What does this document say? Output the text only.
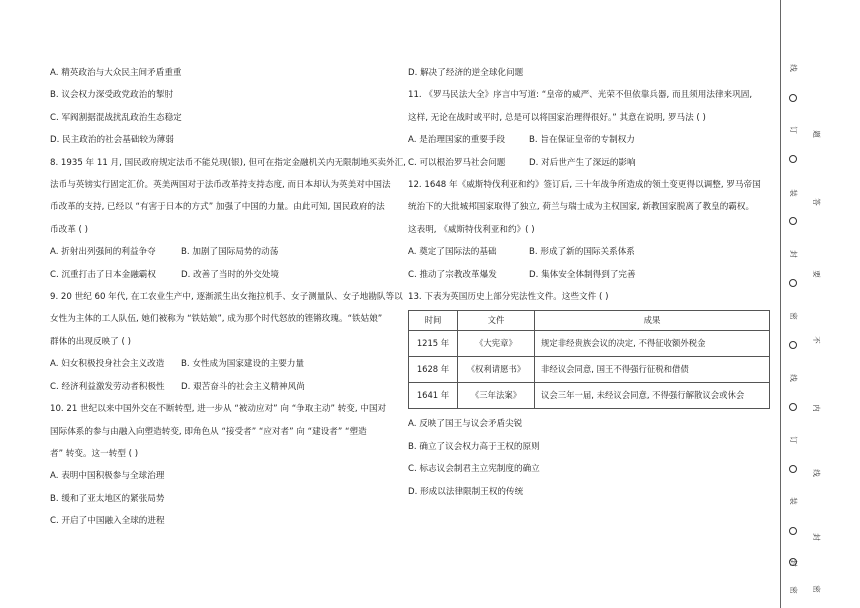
A. 精英政治与大众民主间矛盾重重
B. 议会权力深受政党政治的掣肘
C. 军阀割据混战扰乱政治生态稳定
D. 民主政治的社会基础较为薄弱
8. 1935 年 11 月, 国民政府规定法币不能兑现(银), 但可在指定金融机关内无限制地买卖外汇,
法币与英镑实行固定汇价。英美两国对于法币改革持支持态度, 而日本却认为英美对中国法
币改革的支持, 已经以 “有害于日本的方式” 加强了中国的力量。由此可知, 国民政府的法
币改革 ( )
A. 折射出列强间的利益争夺	B. 加剧了国际局势的动荡
C. 沉重打击了日本金融霸权	D. 改善了当时的外交处境
9. 20 世纪 60 年代, 在工农业生产中, 逐渐派生出女拖拉机手、女子测量队、女子地勘队等以
女性为主体的工人队伍, 她们被称为 “铁姑娘”, 成为那个时代怒放的铿锵玫瑰。“铁姑娘”
群体的出现反映了 ( )
A. 妇女积极投身社会主义改造	B. 女性成为国家建设的主要力量
C. 经济利益激发劳动者积极性	D. 艰苦奋斗的社会主义精神风尚
10. 21 世纪以来中国外交在不断转型, 进一步从 “被动应对” 向 “争取主动” 转变, 中国对
国际体系的参与由融入向塑造转变, 即角色从 “接受者” “应对者” 向 “建设者” “塑造
者” 转变。这一转型 ( )
A. 表明中国积极参与全球治理
B. 缓和了亚太地区的紧张局势
C. 开启了中国融入全球的进程
D. 解决了经济的逆全球化问题
11. 《罗马民法大全》序言中写道: “皇帝的威严、光荣不但依靠兵器, 而且须用法律来巩固,
这样, 无论在战时或平时, 总是可以将国家治理得很好。” 其意在说明, 罗马法 ( )
A. 是治理国家的重要手段	B. 旨在保证皇帝的专制权力
C. 可以根治罗马社会问题	D. 对后世产生了深远的影响
12. 1648 年《威斯特伐利亚和约》签订后, 三十年战争所造成的领土变更得以调整, 罗马帝国
统治下的大批城邦国家取得了独立, 荷兰与瑞士成为主权国家, 新教国家脱离了教皇的霸权。
这表明, 《威斯特伐利亚和约》( )
A. 奠定了国际法的基础	B. 形成了新的国际关系体系
C. 推动了宗教改革爆发	D. 集体安全体制得到了完善
13. 下表为英国历史上部分宪法性文件。这些文件 ( )
时间	文件	成果
1215 年	《大宪章》	规定非经贵族会议的决定, 不得征收额外税金
1628 年	《权利请愿书》	非经议会同意, 国王不得强行征税和借债
1641 年	《三年法案》	议会三年一届, 未经议会同意, 不得强行解散议会或休会
A. 反映了国王与议会矛盾尖锐
B. 确立了议会权力高于王权的原则
C. 标志议会制君主立宪制度的确立
D. 形成以法律限制王权的传统
线
订
装
封
密
线
订
装
封
密
题
答
要
不
内
线
封
密
